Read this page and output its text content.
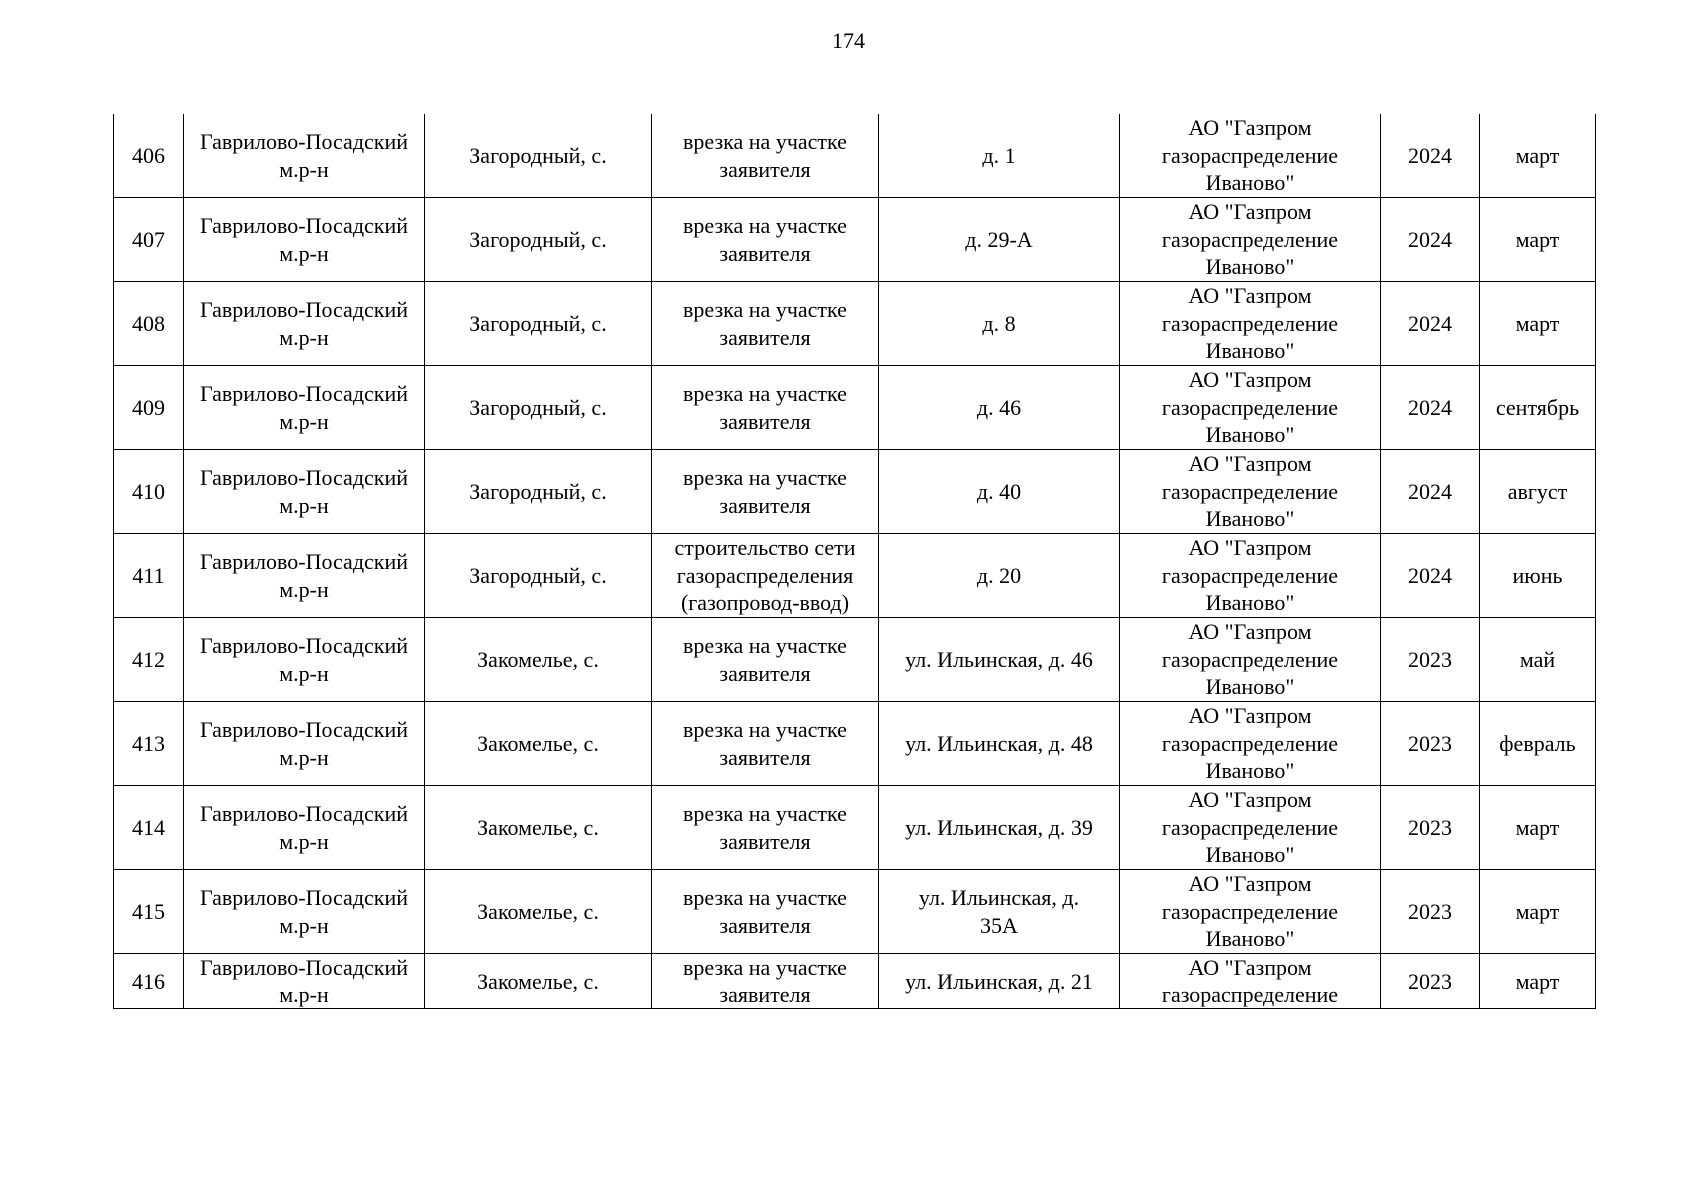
174
406	Гаврилово-Посадский м.р-н	Загородный, с.	врезка на участке заявителя	д. 1	АО "Газпром газораспределение Иваново"	2024	март
407	Гаврилово-Посадский м.р-н	Загородный, с.	врезка на участке заявителя	д. 29-А	АО "Газпром газораспределение Иваново"	2024	март
408	Гаврилово-Посадский м.р-н	Загородный, с.	врезка на участке заявителя	д. 8	АО "Газпром газораспределение Иваново"	2024	март
409	Гаврилово-Посадский м.р-н	Загородный, с.	врезка на участке заявителя	д. 46	АО "Газпром газораспределение Иваново"	2024	сентябрь
410	Гаврилово-Посадский м.р-н	Загородный, с.	врезка на участке заявителя	д. 40	АО "Газпром газораспределение Иваново"	2024	август
411	Гаврилово-Посадский м.р-н	Загородный, с.	строительство сети газораспределения (газопровод-ввод)	д. 20	АО "Газпром газораспределение Иваново"	2024	июнь
412	Гаврилово-Посадский м.р-н	Закомелье, с.	врезка на участке заявителя	ул. Ильинская, д. 46	АО "Газпром газораспределение Иваново"	2023	май
413	Гаврилово-Посадский м.р-н	Закомелье, с.	врезка на участке заявителя	ул. Ильинская, д. 48	АО "Газпром газораспределение Иваново"	2023	февраль
414	Гаврилово-Посадский м.р-н	Закомелье, с.	врезка на участке заявителя	ул. Ильинская, д. 39	АО "Газпром газораспределение Иваново"	2023	март
415	Гаврилово-Посадский м.р-н	Закомелье, с.	врезка на участке заявителя	ул. Ильинская, д. 35А	АО "Газпром газораспределение Иваново"	2023	март
416	Гаврилово-Посадский м.р-н	Закомелье, с.	врезка на участке заявителя	ул. Ильинская, д. 21	АО "Газпром газораспределение	2023	март
